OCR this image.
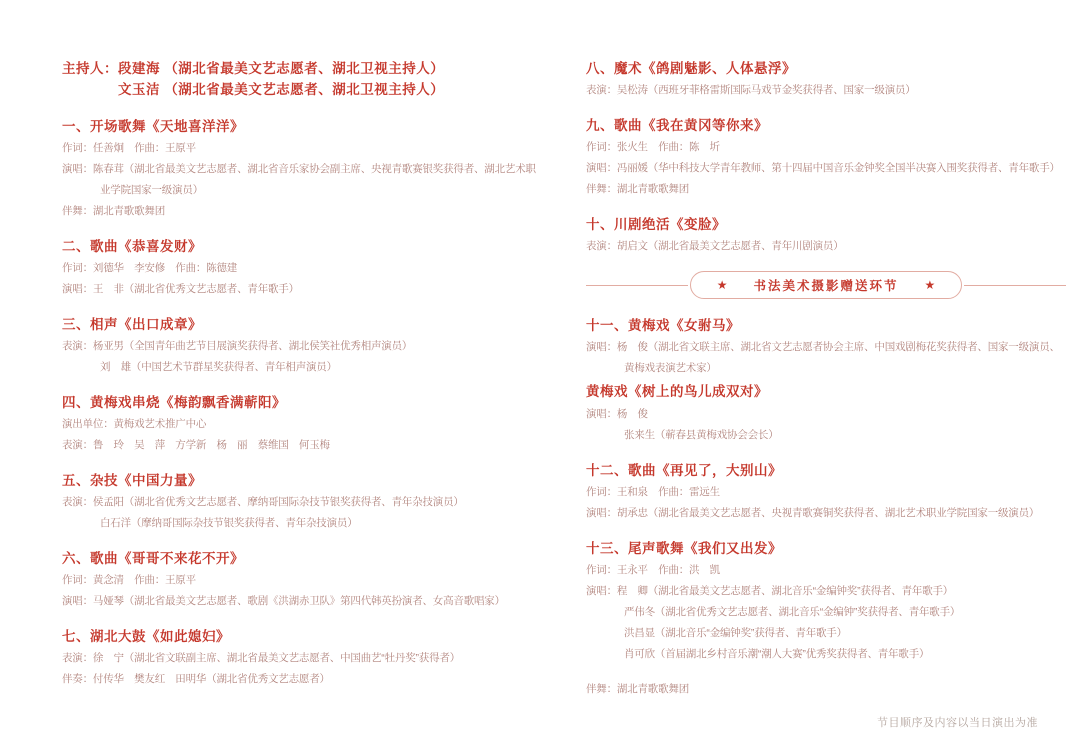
主持人：段建海 （湖北省最美文艺志愿者、湖北卫视主持人）

文玉洁 （湖北省最美文艺志愿者、湖北卫视主持人）

一、开场歌舞《天地喜洋洋》

作词：任善炯　作曲：王原平

演唱：陈春茸（湖北省最美文艺志愿者、湖北省音乐家协会副主席、央视青歌赛银奖获得者、湖北艺术职业学院国家一级演员）

伴舞：湖北青歌歌舞团

二、歌曲《恭喜发财》

作词：刘德华　李安修　作曲：陈德建

演唱：王　非（湖北省优秀文艺志愿者、青年歌手）

三、相声《出口成章》

表演：杨亚男（全国青年曲艺节目展演奖获得者、湖北侯笑社优秀相声演员）

刘　雄（中国艺术节群星奖获得者、青年相声演员）

四、黄梅戏串烧《梅韵飘香满蕲阳》

演出单位：黄梅戏艺术推广中心

表演：鲁　玲　吴　萍　方学新　杨　丽　蔡维国　何玉梅

五、杂技《中国力量》

表演：侯孟阳（湖北省优秀文艺志愿者、摩纳哥国际杂技节银奖获得者、青年杂技演员）

白石洋（摩纳哥国际杂技节银奖获得者、青年杂技演员）

六、歌曲《哥哥不来花不开》

作词：黄念清　作曲：王原平

演唱：马娅琴（湖北省最美文艺志愿者、歌剧《洪湖赤卫队》第四代韩英扮演者、女高音歌唱家）

七、湖北大鼓《如此媳妇》

表演：徐　宁（湖北省文联副主席、湖北省最美文艺志愿者、中国曲艺“牡丹奖”获得者）

伴奏：付传华　樊友红　田明华（湖北省优秀文艺志愿者）

八、魔术《鸽剧魅影、人体悬浮》

表演：吴松涛（西班牙菲格雷斯国际马戏节金奖获得者、国家一级演员）

九、歌曲《我在黄冈等你来》

作词：张火生　作曲：陈　圻

演唱：冯丽媛（华中科技大学青年教师、第十四届中国音乐金钟奖全国半决赛入围奖获得者、青年歌手）

伴舞：湖北青歌歌舞团

十、川剧绝活《变脸》

表演：胡启文（湖北省最美文艺志愿者、青年川剧演员）

★ 书法美术摄影赠送环节 ★

十一、黄梅戏《女驸马》

演唱：杨　俊（湖北省文联主席、湖北省文艺志愿者协会主席、中国戏剧梅花奖获得者、国家一级演员、黄梅戏表演艺术家）

黄梅戏《树上的鸟儿成双对》

演唱：杨　俊

张来生（蕲春县黄梅戏协会会长）

十二、歌曲《再见了，大别山》

作词：王和泉　作曲：雷远生

演唱：胡承忠（湖北省最美文艺志愿者、央视青歌赛铜奖获得者、湖北艺术职业学院国家一级演员）

十三、尾声歌舞《我们又出发》

作词：王永平　作曲：洪　凯

演唱：程　卿（湖北省最美文艺志愿者、湖北音乐“金编钟奖”获得者、青年歌手）

严伟冬（湖北省优秀文艺志愿者、湖北音乐“金编钟”奖获得者、青年歌手）

洪昌显（湖北音乐“金编钟奖”获得者、青年歌手）

肖可欣（首届湖北乡村音乐潮“潮人大赛”优秀奖获得者、青年歌手）

伴舞：湖北青歌歌舞团

节目顺序及内容以当日演出为准
